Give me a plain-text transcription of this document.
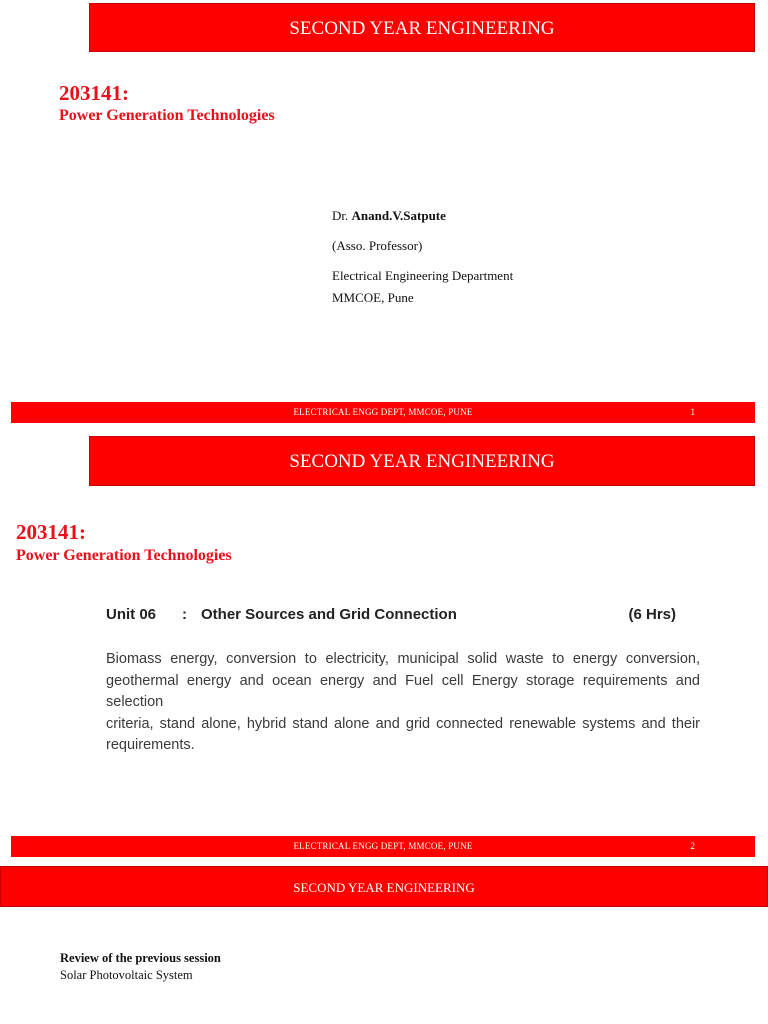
SECOND YEAR ENGINEERING
203141:
Power Generation Technologies
Dr. Anand.V.Satpute
(Asso. Professor)
Electrical Engineering Department
MMCOE, Pune
ELECTRICAL ENGG DEPT, MMCOE, PUNE	1
SECOND YEAR ENGINEERING
203141:
Power Generation Technologies
Unit 06 : Other Sources and Grid Connection	(6 Hrs)
Biomass energy, conversion to electricity, municipal solid waste to energy conversion,
geothermal energy and ocean energy and Fuel cell Energy storage requirements and selection
criteria, stand alone, hybrid stand alone and grid connected renewable systems and their
requirements.
ELECTRICAL ENGG DEPT, MMCOE, PUNE	2
SECOND YEAR ENGINEERING
Review of the previous session
Solar Photovoltaic System
